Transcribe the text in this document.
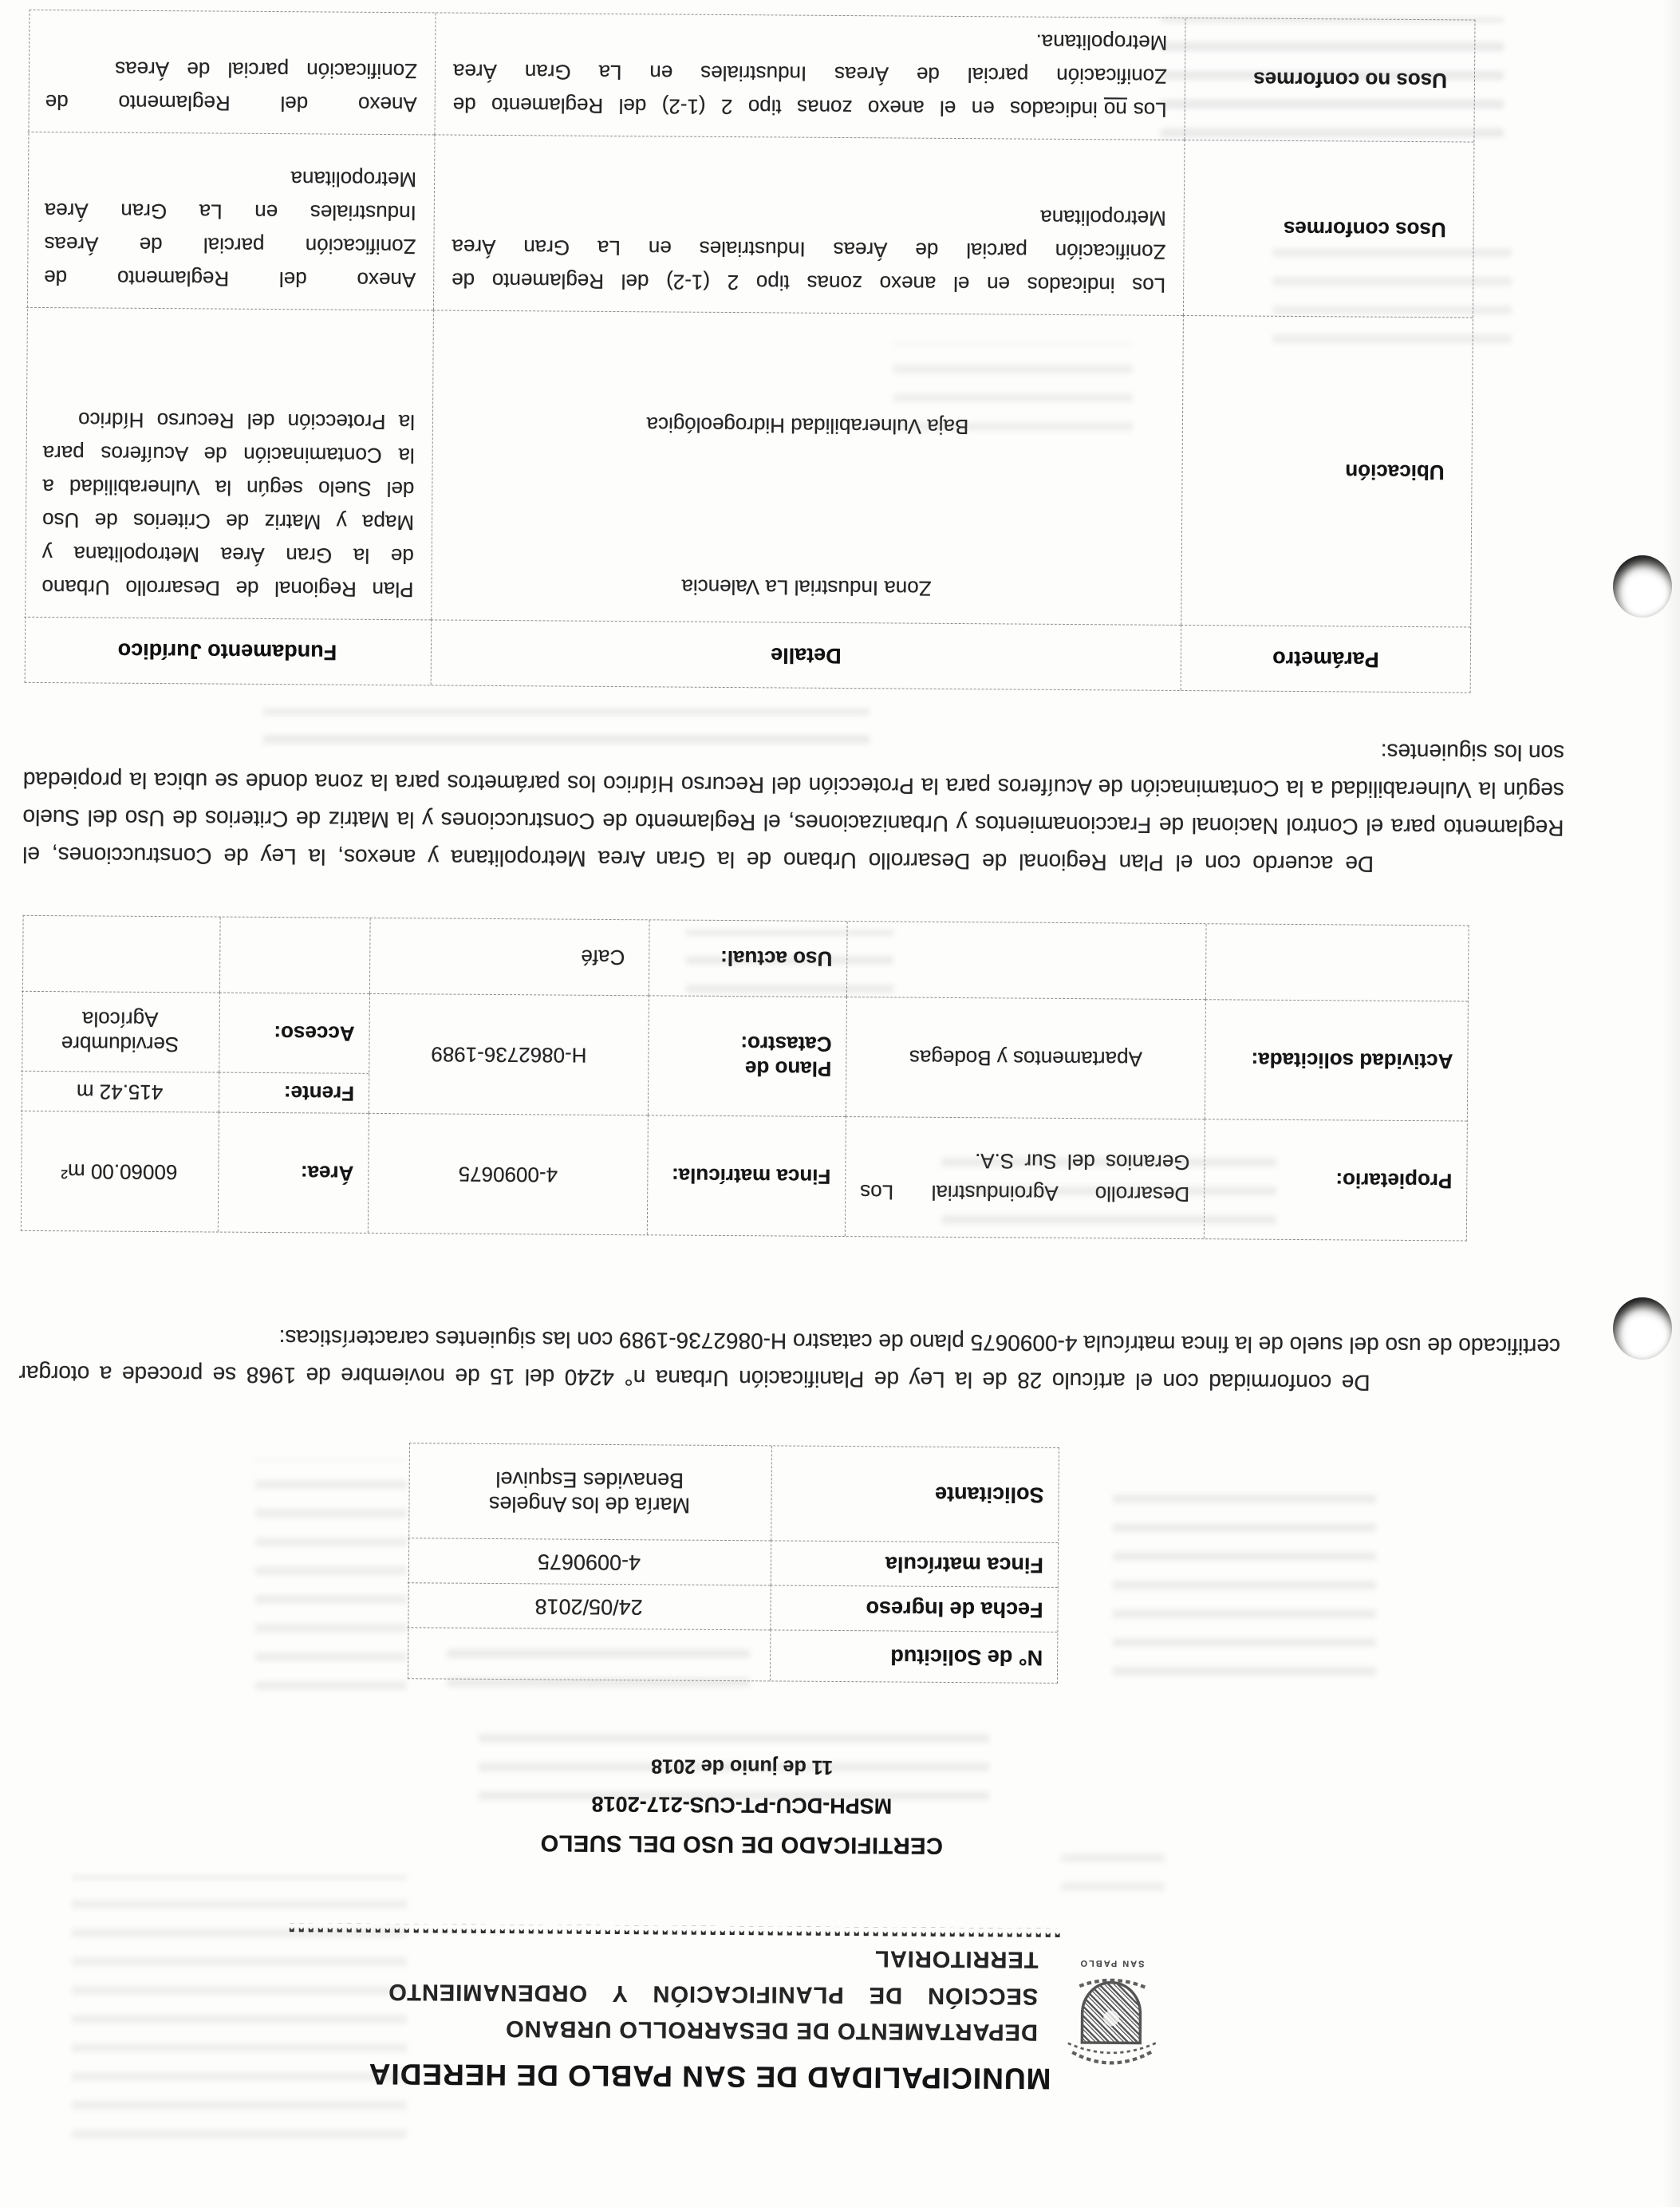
SAN PABLO
MUNICIPALIDAD DE SAN PABLO DE HEREDIA
DEPARTAMENTO DE DESARROLLO URBANO
SECCIÓN DE PLANIFICACIÓN Y ORDENAMIENTO
TERRITORIAL
CERTIFICADO DE USO DEL SUELO
MSPH-DCU-PT-CUS-217-2018
11 de junio de 2018
N° de Solicitud
Fecha de Ingreso
24/05/2018
Finca matrícula
4-0090675
Solicitante
María de los Angeles Benavides Esquivel
De conformidad con el artículo 28 de la Ley de Planificación Urbana n° 4240 del 15 de noviembre de 1968 se procede a otorgar certificado de uso del suelo de la finca matrícula 4-0090675 plano de catastro H-0862736-1989 con las siguientes características:
Propietario:
Desarrollo Agroindustrial Los Geranios del Sur S.A.
Finca matrícula:
4-0090675
Área:
60060.00 m²
Actividad solicitada:
Apartamentos y Bodegas
Plano de Catastro:
H-0862736-1989
Frente:
415.42 m
Acceso:
Servidumbre Agrícola
Uso actual:
Café
De acuerdo con el Plan Regional de Desarrollo Urbano de la Gran Area Metropolitana y anexos, la Ley de Construcciones, el Reglamento para el Control Nacional de Fraccionamientos y Urbanizaciones, el Reglamento de Construcciones y la Matriz de Criterios de Uso del Suelo según la Vulnerabilidad a la Contaminación de Acuíferos para la Protección del Recurso Hídrico los parámetros para la zona donde se ubica la propiedad son los siguientes:
Parámetro
Detalle
Fundamento Jurídico
Ubicación
Zona Industrial La Valencia
Baja Vulnerabilidad Hidrogeológica
Plan Regional de Desarrollo Urbano de la Gran Área Metropolitana y Mapa y Matriz de Criterios de Uso del Suelo según la Vulnerabilidad a la Contaminación de Acuíferos para la Protección del Recurso Hídrico
Usos conformes
Los indicados en el anexo zonas tipo 2 (1-2) del Reglamento de Zonificación parcial de Áreas Industriales en La Gran Área Metropolitana
Anexo del Reglamento de Zonificación parcial de Áreas Industriales en La Gran Área Metropolitana
Usos no conformes
Losnoindicados en el anexo zonas tipo 2 (1-2) del Reglamento de Zonificación parcial de Áreas Industriales en La Gran Área Metropolitana.
Anexo del Reglamento de Zonificación parcial de Áreas
